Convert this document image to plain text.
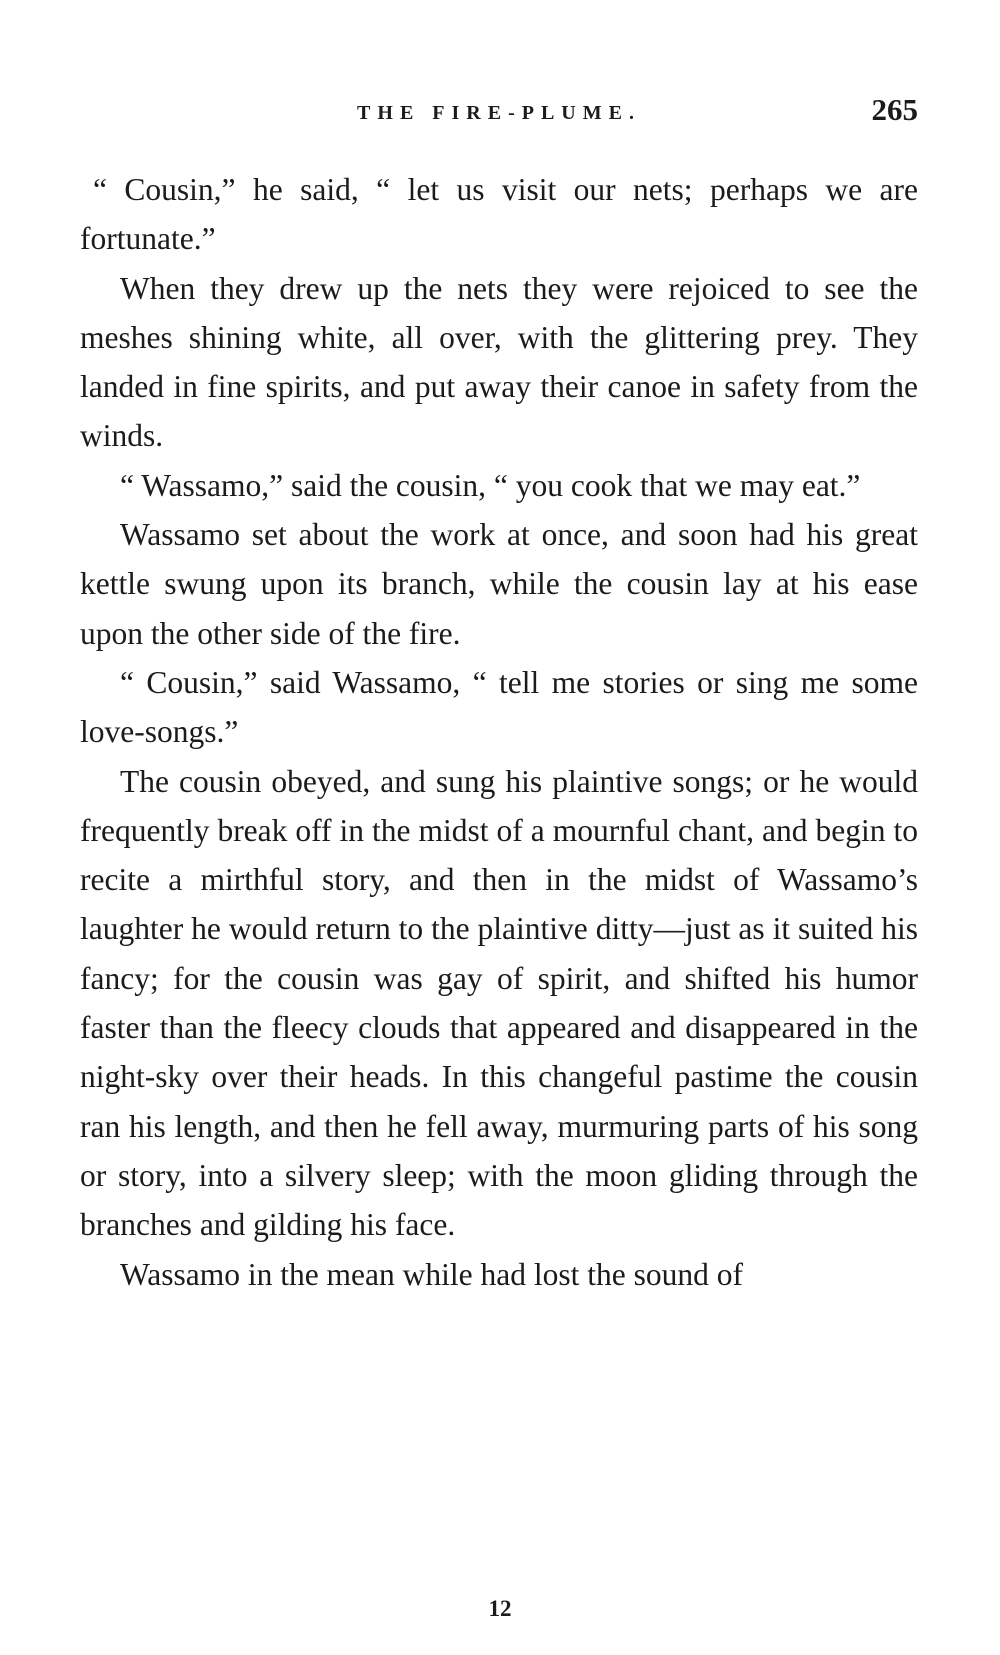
THE FIRE-PLUME.	265

“ Cousin,” he said, “ let us visit our nets; perhaps we are fortunate.”

When they drew up the nets they were rejoiced to see the meshes shining white, all over, with the glittering prey. They landed in fine spirits, and put away their canoe in safety from the winds.

“ Wassamo,” said the cousin, “ you cook that we may eat.”

Wassamo set about the work at once, and soon had his great kettle swung upon its branch, while the cousin lay at his ease upon the other side of the fire.

“ Cousin,” said Wassamo, “ tell me stories or sing me some love-songs.”

The cousin obeyed, and sung his plaintive songs; or he would frequently break off in the midst of a mournful chant, and begin to recite a mirthful story, and then in the midst of Wassamo’s laughter he would return to the plaintive ditty—just as it suited his fancy; for the cousin was gay of spirit, and shifted his humor faster than the fleecy clouds that appeared and disappeared in the night-sky over their heads. In this changeful pastime the cousin ran his length, and then he fell away, murmuring parts of his song or story, into a silvery sleep; with the moon gliding through the branches and gilding his face.

Wassamo in the mean while had lost the sound of

12
